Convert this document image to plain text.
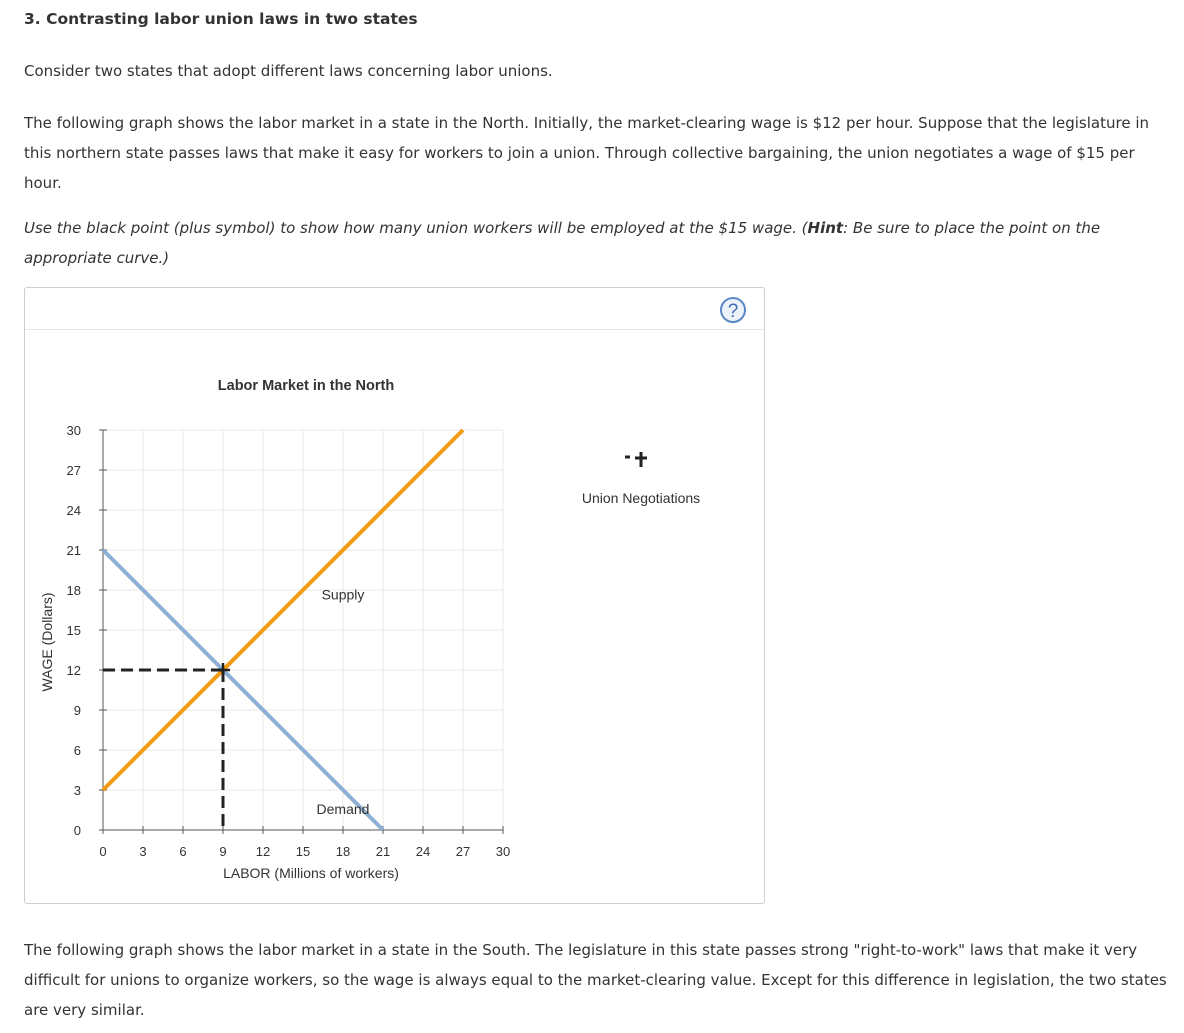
3. Contrasting labor union laws in two states
Consider two states that adopt different laws concerning labor unions.
The following graph shows the labor market in a state in the North. Initially, the market-clearing wage is $12 per hour. Suppose that the legislature in this northern state passes laws that make it easy for workers to join a union. Through collective bargaining, the union negotiates a wage of $15 per hour.
Use the black point (plus symbol) to show how many union workers will be employed at the $15 wage. (Hint: Be sure to place the point on the appropriate curve.)
?
0
3
6
9
12
15
18
21
24
27
30
0	3	6	9 12 15 18 21 24 27 30
Supply
Demand
Labor Market in the North
LABOR (Millions of workers)
WAGE (Dollars)
Union Negotiations
The following graph shows the labor market in a state in the South. The legislature in this state passes strong "right-to-work" laws that make it very difficult for unions to organize workers, so the wage is always equal to the market-clearing value. Except for this difference in legislation, the two states are very similar.
